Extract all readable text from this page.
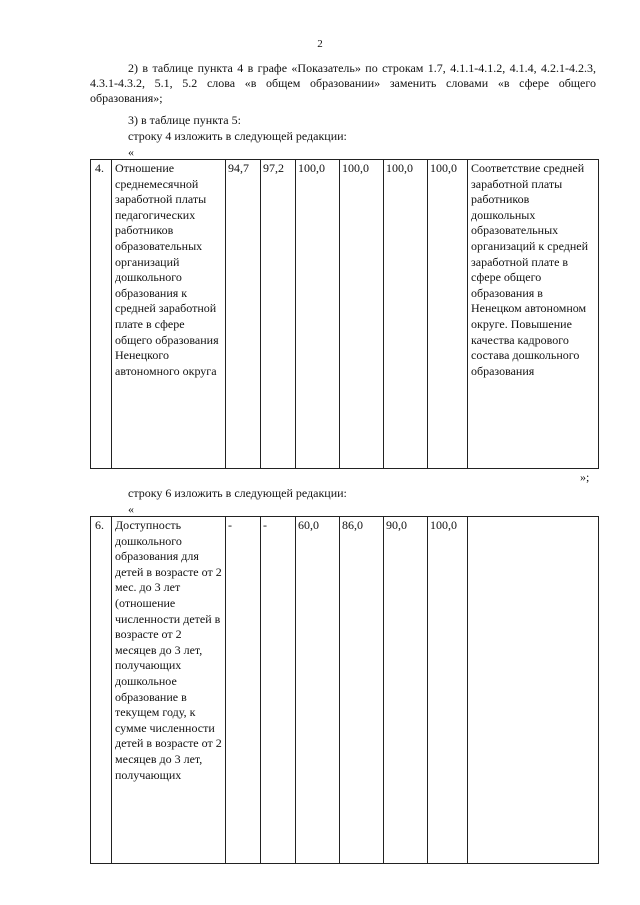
2
2) в таблице пункта 4 в графе «Показатель» по строкам 1.7, 4.1.1-4.1.2, 4.1.4, 4.2.1-4.2.3, 4.3.1-4.3.2, 5.1, 5.2 слова «в общем образовании» заменить словами «в сфере общего образования»;
3) в таблице пункта 5:
строку 4 изложить в следующей редакции:
«
4.	Отношение среднемесячной заработной платы педагогических работников образовательных организаций дошкольного образования к средней заработной плате в сфере общего образования Ненецкого автономного округа	94,7	97,2	100,0	100,0	100,0	100,0	Соответствие средней заработной платы работников дошкольных образовательных организаций к средней заработной плате в сфере общего образования в Ненецком автономном округе. Повышение качества кадрового состава дошкольного образования
»;
строку 6 изложить в следующей редакции:
«
6.	Доступность дошкольного образования для детей в возрасте от 2 мес. до 3 лет (отношение численности детей в возрасте от 2 месяцев до 3 лет, получающих дошкольное образование в текущем году, к сумме численности детей в возрасте от 2 месяцев до 3 лет, получающих	-	-	60,0	86,0	90,0	100,0	
